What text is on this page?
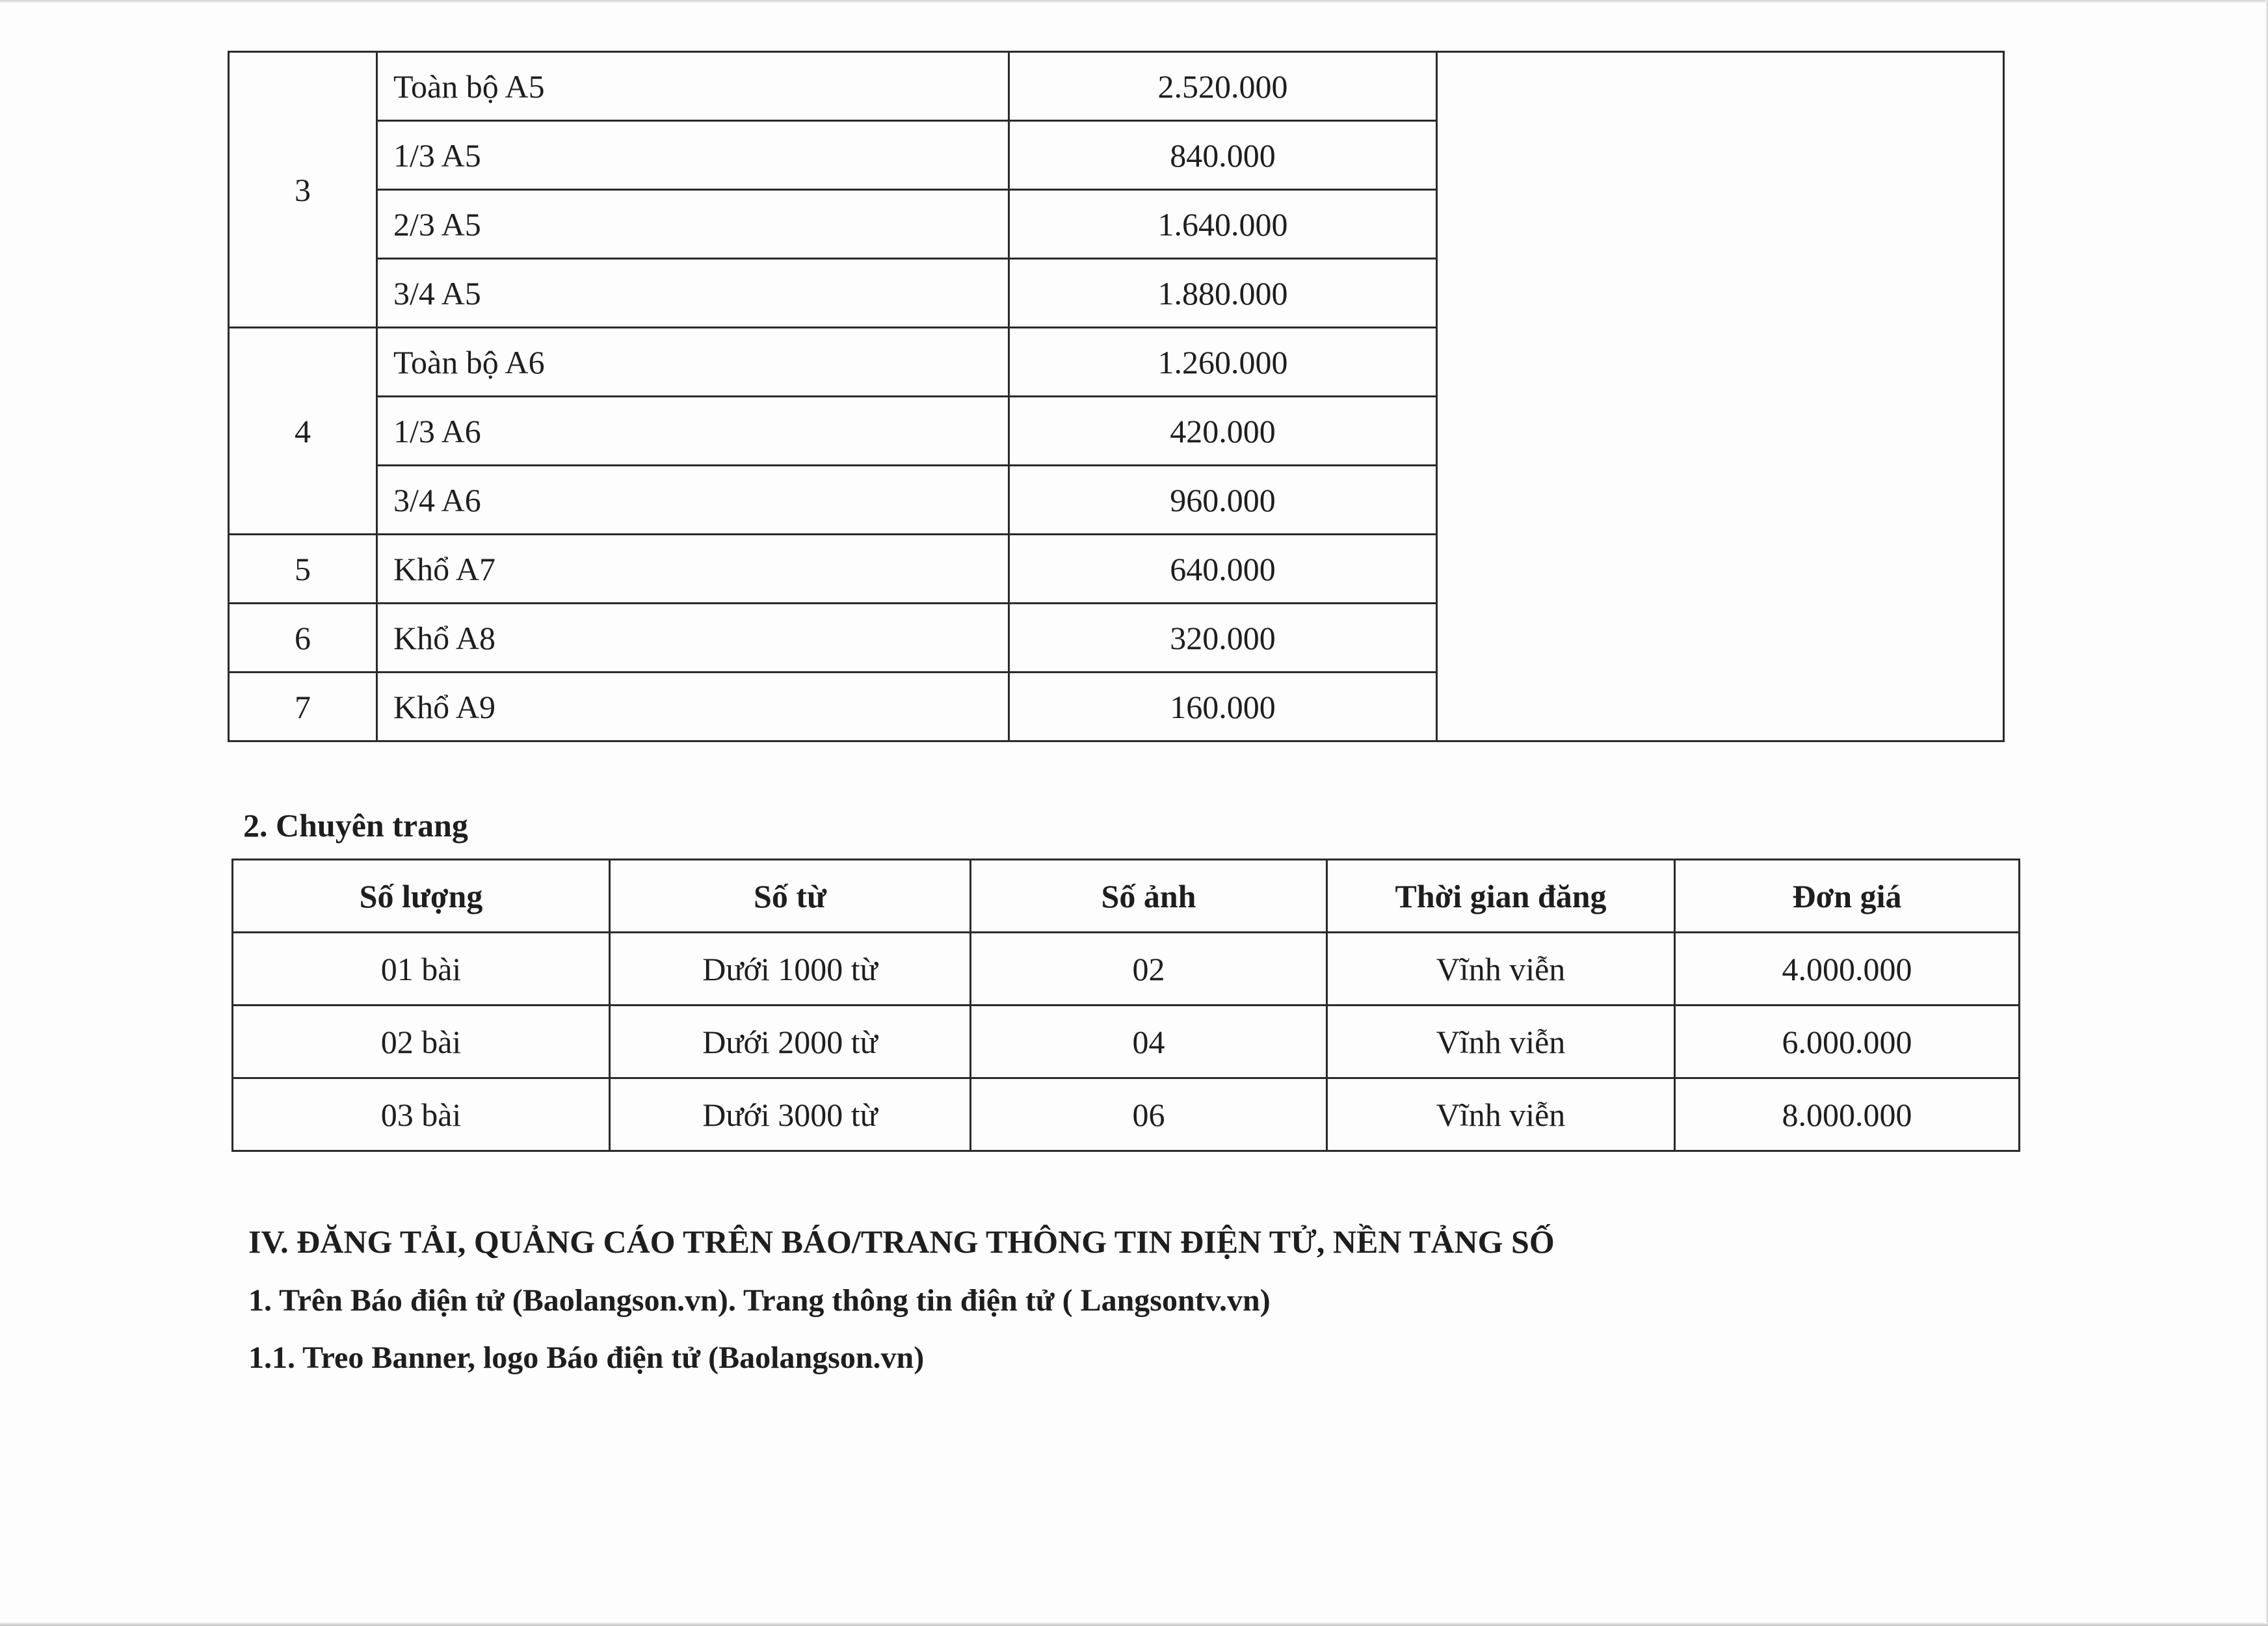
3	Toàn bộ A5	2.520.000	
	1/3 A5	840.000	
	2/3 A5	1.640.000	
	3/4 A5	1.880.000	
4	Toàn bộ A6	1.260.000	
	1/3 A6	420.000	
	3/4 A6	960.000	
5	Khổ A7	640.000	
6	Khổ A8	320.000	
7	Khổ A9	160.000	
2. Chuyên trang
Số lượng	Số từ	Số ảnh	Thời gian đăng	Đơn giá
01 bài	Dưới 1000 từ	02	Vĩnh viễn	4.000.000
02 bài	Dưới 2000 từ	04	Vĩnh viễn	6.000.000
03 bài	Dưới 3000 từ	06	Vĩnh viễn	8.000.000
IV. ĐĂNG TẢI, QUẢNG CÁO TRÊN BÁO/TRANG THÔNG TIN ĐIỆN TỬ, NỀN TẢNG SỐ
1. Trên Báo điện tử (Baolangson.vn). Trang thông tin điện tử ( Langsontv.vn)
1.1. Treo Banner, logo Báo điện tử (Baolangson.vn)
